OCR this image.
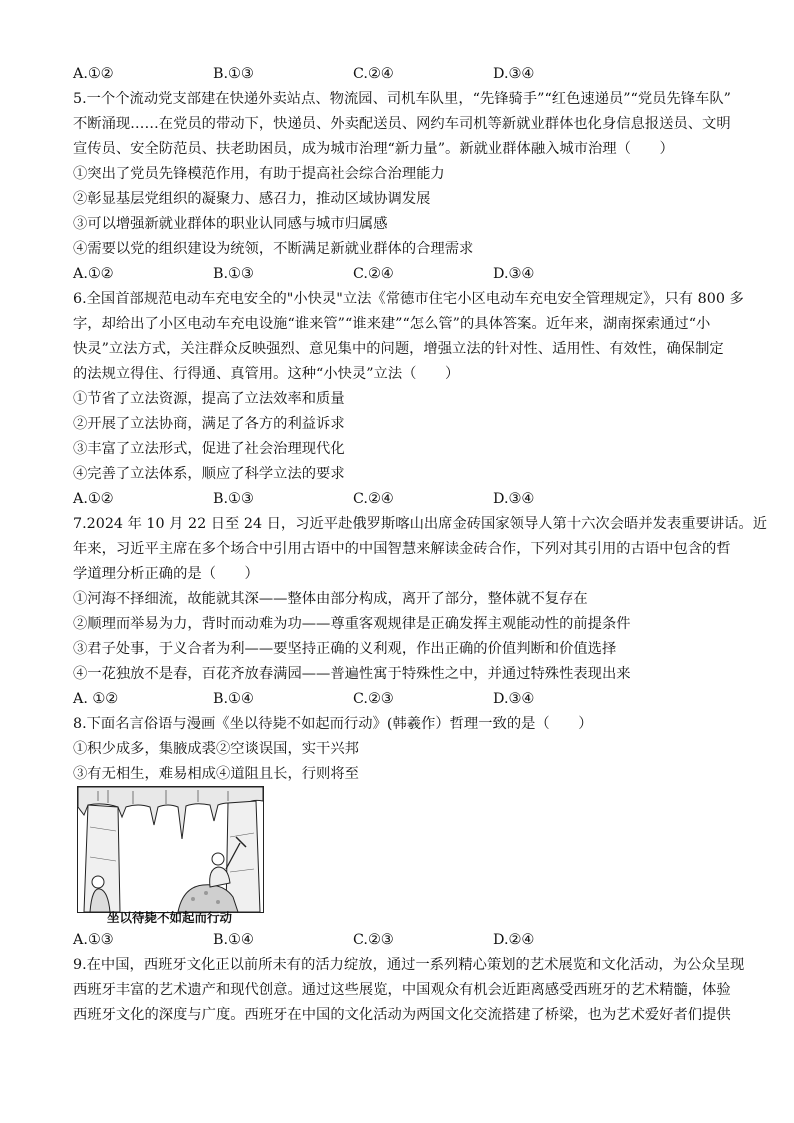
A.①②	B.①③	C.②④	D.③④
5.一个个流动党支部建在快递外卖站点、物流园、司机车队里，“先锋骑手”“红色速递员”“党员先锋车队”
不断涌现……在党员的带动下，快递员、外卖配送员、网约车司机等新就业群体也化身信息报送员、文明
宣传员、安全防范员、扶老助困员，成为城市治理“新力量”。新就业群体融入城市治理（　　）
①突出了党员先锋模范作用，有助于提高社会综合治理能力
②彰显基层党组织的凝聚力、感召力，推动区域协调发展
③可以增强新就业群体的职业认同感与城市归属感
④需要以党的组织建设为统领，不断满足新就业群体的合理需求
A.①②	B.①③	C.②④	D.③④
6.全国首部规范电动车充电安全的"小快灵"立法《常德市住宅小区电动车充电安全管理规定》，只有 800 多
字，却给出了小区电动车充电设施“谁来管”“谁来建”“怎么管”的具体答案。近年来，湖南探索通过“小
快灵”立法方式，关注群众反映强烈、意见集中的问题，增强立法的针对性、适用性、有效性，确保制定
的法规立得住、行得通、真管用。这种“小快灵”立法（　　）
①节省了立法资源，提高了立法效率和质量
②开展了立法协商，满足了各方的利益诉求
③丰富了立法形式，促进了社会治理现代化
④完善了立法体系，顺应了科学立法的要求
A.①②	B.①③	C.②④	D.③④
7.2024 年 10 月 22 日至 24 日，习近平赴俄罗斯喀山出席金砖国家领导人第十六次会晤并发表重要讲话。近
年来，习近平主席在多个场合中引用古语中的中国智慧来解读金砖合作，下列对其引用的古语中包含的哲
学道理分析正确的是（　　）
①河海不择细流，故能就其深——整体由部分构成，离开了部分，整体就不复存在
②顺理而举易为力，背时而动难为功——尊重客观规律是正确发挥主观能动性的前提条件
③君子处事，于义合者为利——要坚持正确的义利观，作出正确的价值判断和价值选择
④一花独放不是春，百花齐放春满园——普遍性寓于特殊性之中，并通过特殊性表现出来
A. ①②	B.①④	C.②③	D.③④
8.下面名言俗语与漫画《坐以待毙不如起而行动》(韩羲作）哲理一致的是（　　）
①积少成多，集腋成裘②空谈误国，实干兴邦
③有无相生，难易相成④道阻且长，行则将至
坐以待毙不如起而行动
A.①③	B.①④	C.②③	D.②④
9.在中国，西班牙文化正以前所未有的活力绽放，通过一系列精心策划的艺术展览和文化活动，为公众呈现
西班牙丰富的艺术遗产和现代创意。通过这些展览，中国观众有机会近距离感受西班牙的艺术精髓，体验
西班牙文化的深度与广度。西班牙在中国的文化活动为两国文化交流搭建了桥梁，也为艺术爱好者们提供
